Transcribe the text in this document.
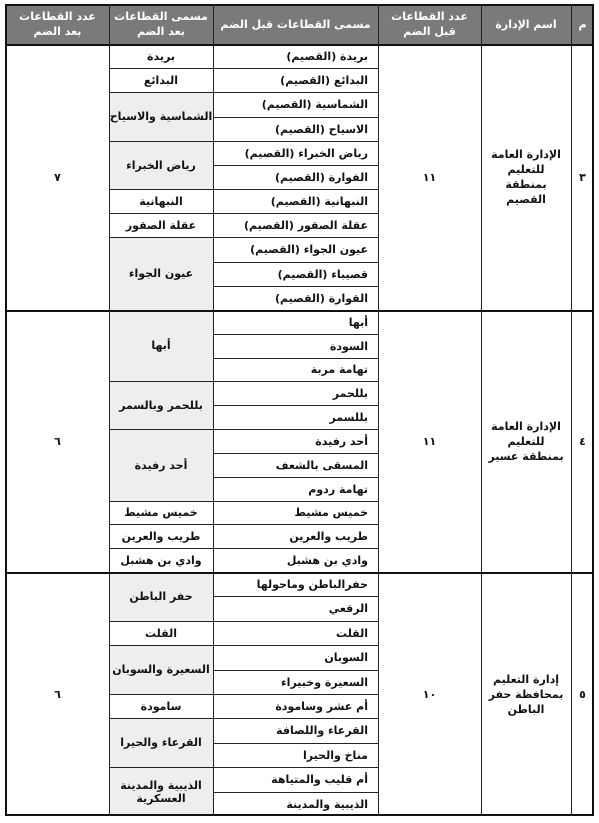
عدد القطاعات بعد الضم
مسمى القطاعات بعد الضم
مسمى القطاعات قبل الضم
عدد القطاعات قبل الضم
اسم الإدارة م
٣
الإدارة العامة للتعليم بمنطقة القصيم
١١
٧
بريدة (القصيم)
البدائع (القصيم)
الشماسية (القصيم)
الاسياح (القصيم)
رياض الخبراء (القصيم)
الفوارة (القصيم)
النبهانية (القصيم)
عقلة الصقور (القصيم)
عيون الجواء (القصيم)
قصيباء (القصيم)
القوارة (القصيم)
بريدة
البدائع
الشماسية والاسياح
رياض الخبراء
النبهانية
عقلة الصقور
عيون الجواء
٤
الإدارة العامة للتعليم بمنطقة عسير
١١
٦
أبها
السودة
تهامة مربة
بللحمر
بللسمر
أحد رفيدة
المسقى بالشعف
تهامة ردوم
خميس مشيط
طريب والعرين
وادي بن هشبل
أبها
بللحمر وبالسمر
أحد رفيدة
خميس مشيط
طريب والعرين
وادي بن هشبل
٥
إدارة التعليم بمحافظة حفر الباطن
١٠
٦
حفرالباطن وماحولها
الرقعي
القلت
السوبان
السعيرة وخبيراء
أم عشر وسامودة
القرعاء واللصافة
مناخ والحيرا
أم قليب والمتياهة
الذيبية والمدينة
حفر الباطن
القلت
السعيرة والسوبان
سامودة
القرعاء والحيرا
الذيبية والمدينة العسكرية
